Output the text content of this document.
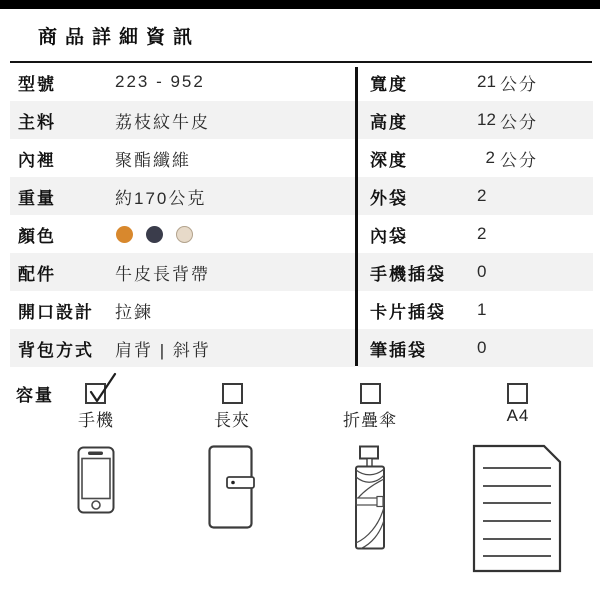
商品詳細資訊
型號	223 - 952
主料	荔枝紋牛皮
內裡	聚酯纖維
重量	約170公克
顏色
配件	牛皮長背帶
開口設計	拉鍊
背包方式	肩背 | 斜背
寬度	21 公分
高度	12 公分
深度	2 公分
外袋	2
內袋	2
手機插袋	0
卡片插袋	1
筆插袋	0
容量
手機	長夾	折疊傘	A4
